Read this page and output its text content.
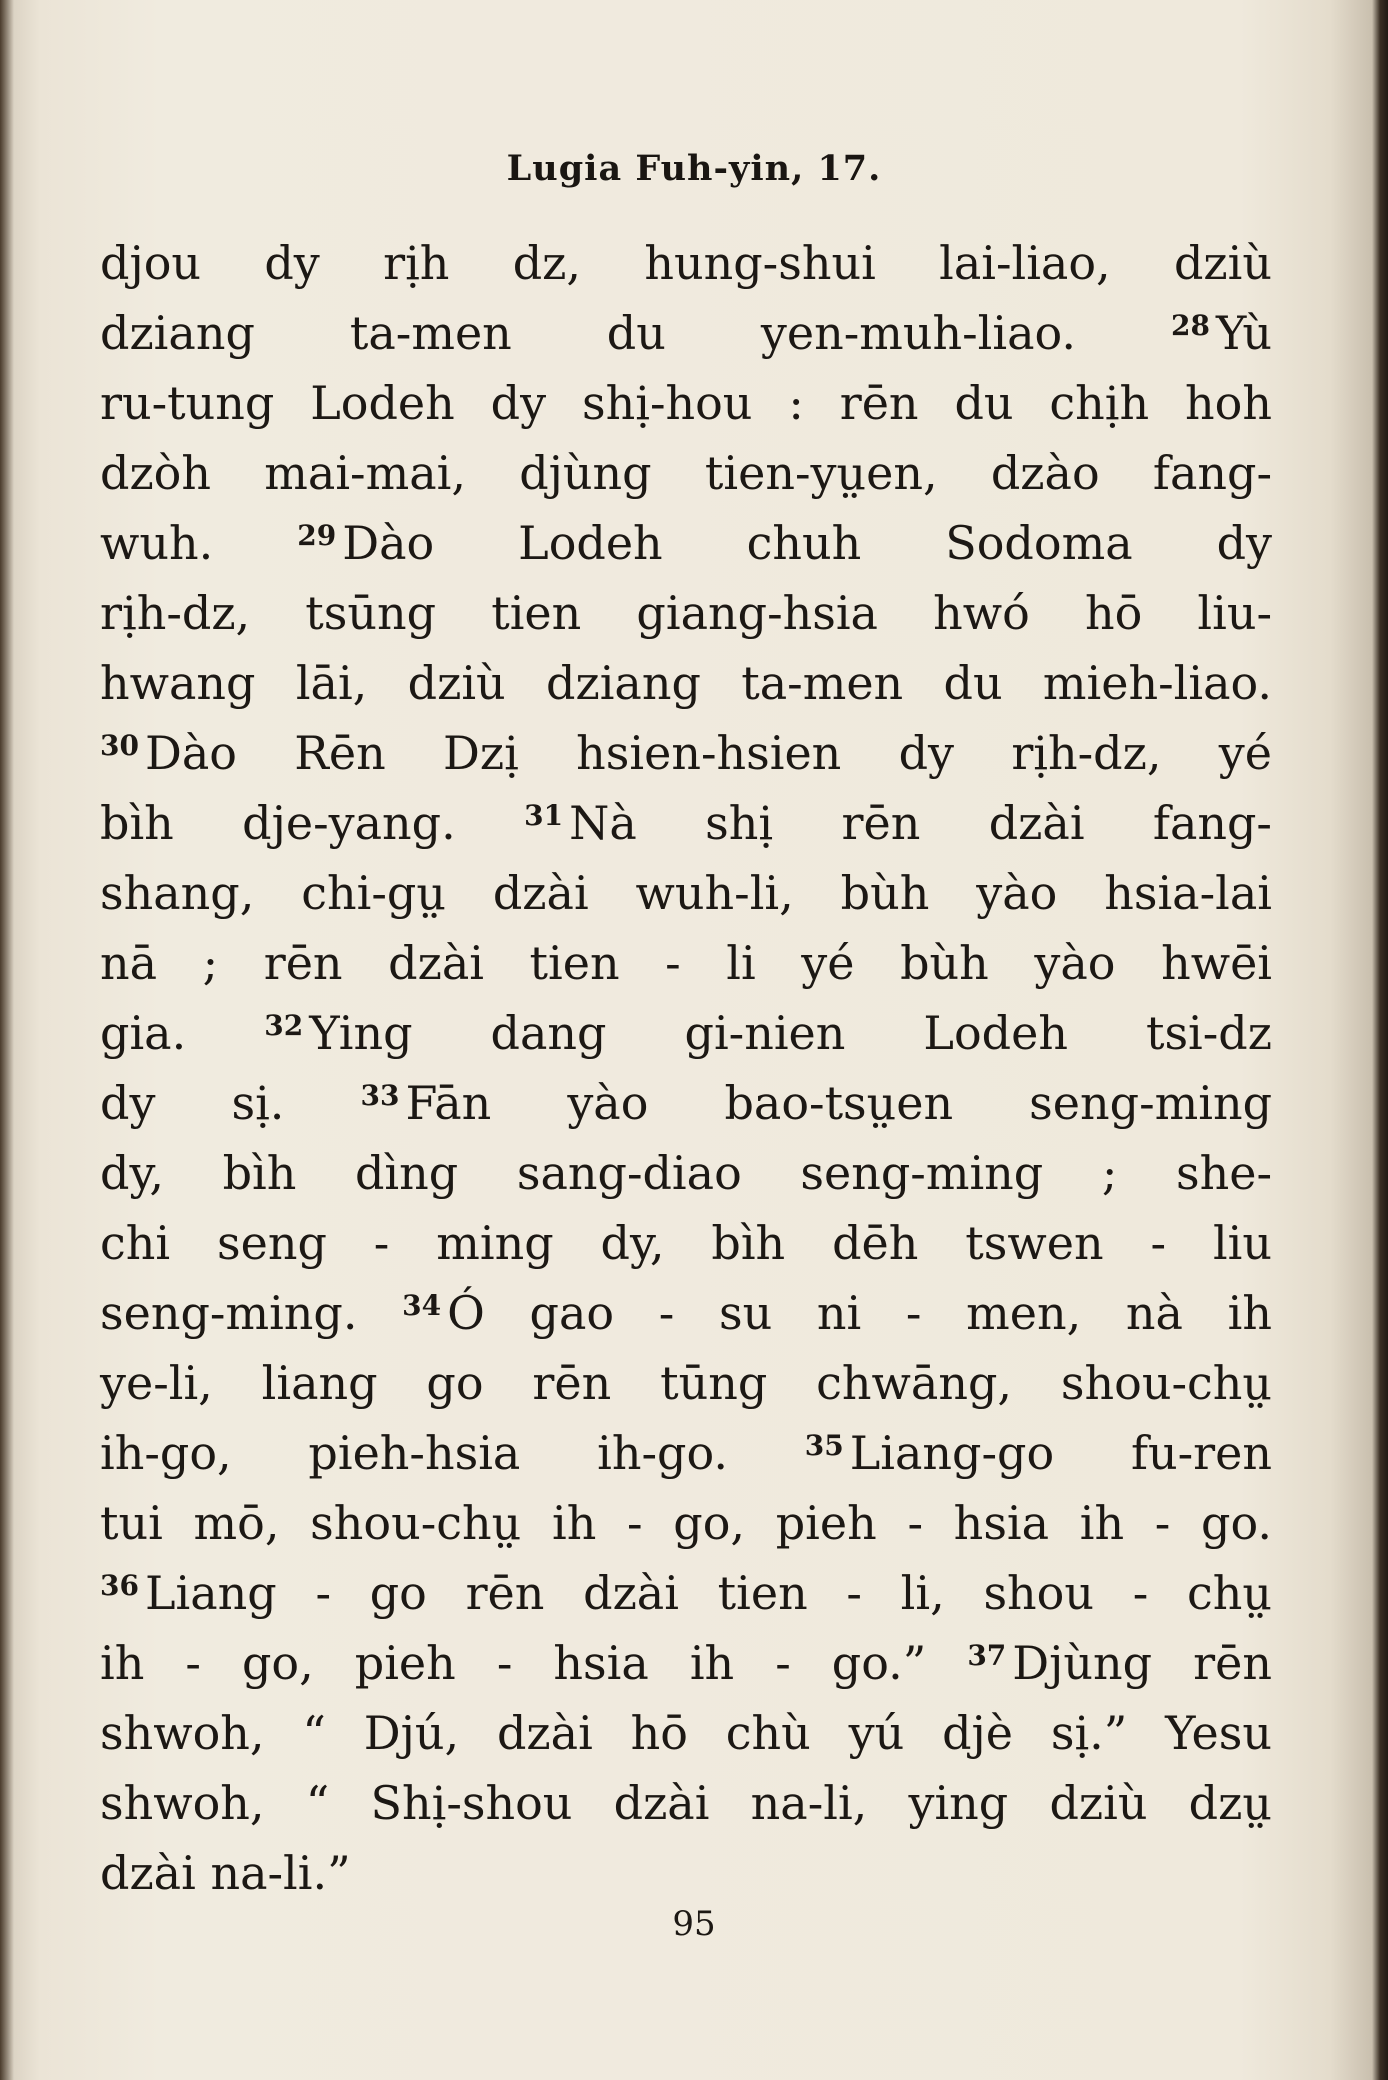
Lugia Fuh-yin, 17.
djou dy rịh dz, hung-shui lai-liao, dziù
dziang ta-men du yen-muh-liao.	$^{28}$ Yù
ru-tung Lodeh dy shị-hou : rēn du chịh hoh
dzòh mai-mai, djùng tien-yṳen, dzào fang-
wuh.	$^{29}$ Dào Lodeh chuh Sodoma dy
rịh-dz, tsūng tien giang-hsia hwó hō liu-
hwang lāi, dziù dziang ta-men du mieh-liao.
$^{30}$ Dào Rēn Dzị hsien-hsien dy rịh-dz, yé
bìh dje-yang. $^{31}$ Nà shị rēn dzài fang-
shang, chi-gṳ dzài wuh-li, bùh yào hsia-lai
nā ; rēn dzài tien - li yé bùh yào hwēi
gia.	$^{32}$ Ying dang gi-nien Lodeh tsi-dz
dy sị.	$^{33}$ Fān yào bao-tsṳen seng-ming
dy, bìh dìng sang-diao seng-ming ; she-
chi seng - ming dy, bìh dēh tswen - liu
seng-ming. $^{34}$ Ó gao - su ni - men, nà ih
ye-li, liang go rēn tūng chwāng, shou-chṳ
ih-go, pieh-hsia ih-go.	$^{35}$ Liang-go fu-ren
tui mō, shou-chṳ ih - go, pieh - hsia ih - go.
$^{36}$ Liang - go rēn dzài tien - li, shou - chṳ
ih - go, pieh - hsia ih - go.” $^{37}$ Djùng rēn
shwoh, “ Djú, dzài hō chù yú djè sị.” Yesu
shwoh, “ Shị-shou dzài na-li, ying dziù dzṳ
dzài na-li.”
95
